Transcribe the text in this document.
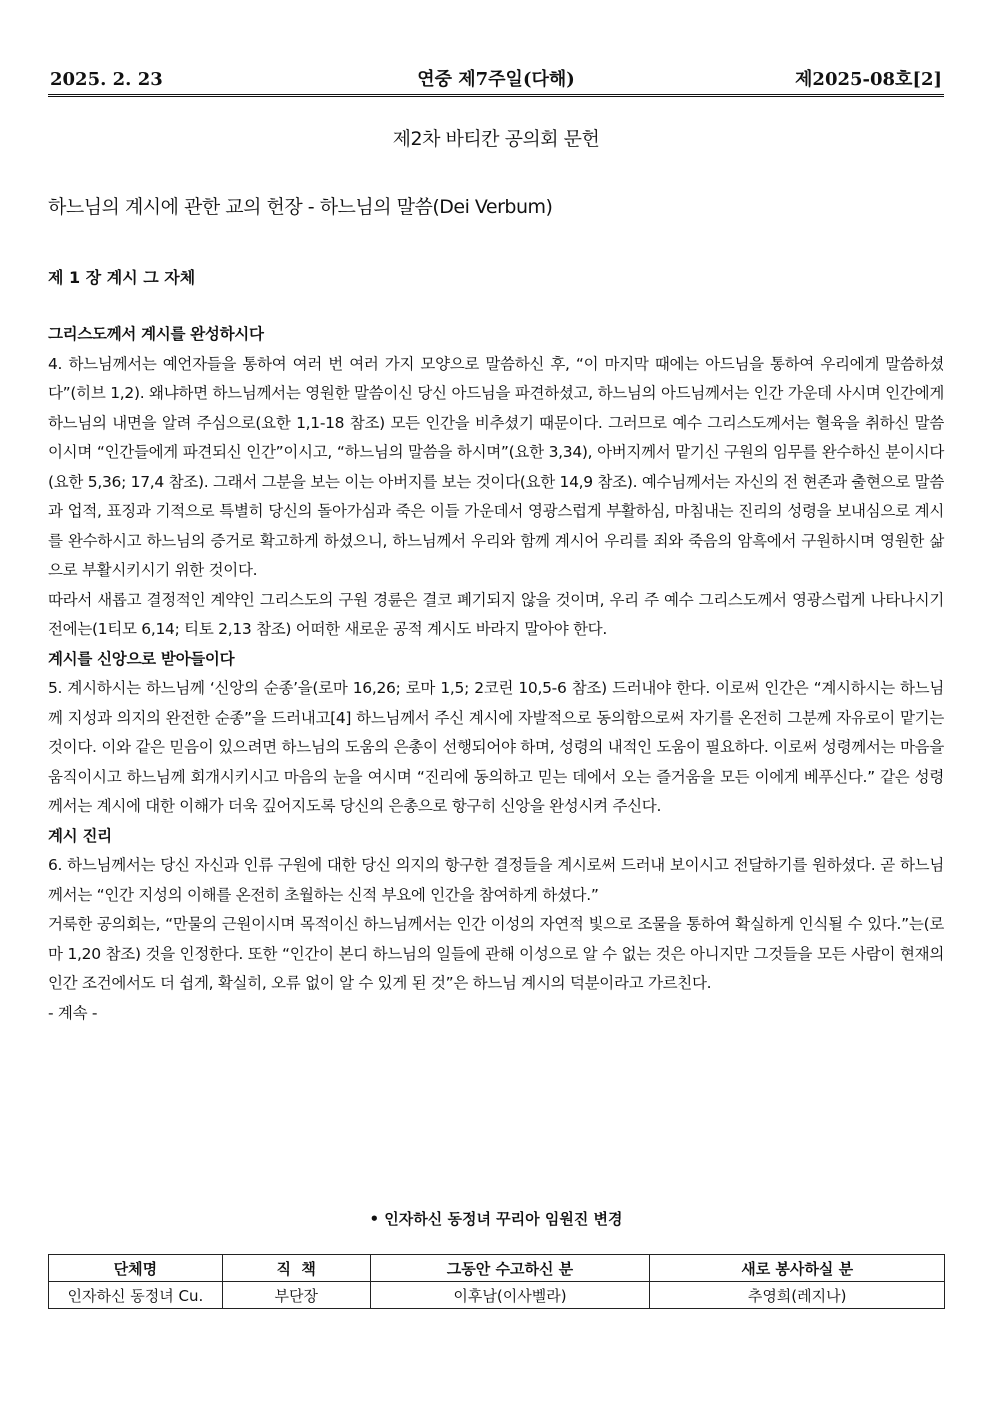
연중 제7주일(다해)
2025. 2. 23	제2025-08호[2]
제2차 바티칸 공의회 문헌
하느님의 계시에 관한 교의 헌장 - 하느님의 말씀(Dei Verbum)
제 1 장 계시 그 자체

그리스도께서 계시를 완성하시다

4. 하느님께서는 예언자들을 통하여 여러 번 여러 가지 모양으로 말씀하신 후, “이 마지막 때에는 아드님을 통하여 우리에게 말씀하셨다”(히브 1,2). 왜냐하면 하느님께서는 영원한 말씀이신 당신 아드님을 파견하셨고, 하느님의 아드님께서는 인간 가운데 사시며 인간에게 하느님의 내면을 알려 주심으로(요한 1,1-18 참조) 모든 인간을 비추셨기 때문이다. 그러므로 예수 그리스도께서는 혈육을 취하신 말씀이시며 “인간들에게 파견되신 인간”이시고, “하느님의 말씀을 하시며”(요한 3,34), 아버지께서 맡기신 구원의 임무를 완수하신 분이시다(요한 5,36; 17,4 참조). 그래서 그분을 보는 이는 아버지를 보는 것이다(요한 14,9 참조). 예수님께서는 자신의 전 현존과 출현으로 말씀과 업적, 표징과 기적으로 특별히 당신의 돌아가심과 죽은 이들 가운데서 영광스럽게 부활하심, 마침내는 진리의 성령을 보내심으로 계시를 완수하시고 하느님의 증거로 확고하게 하셨으니, 하느님께서 우리와 함께 계시어 우리를 죄와 죽음의 암흑에서 구원하시며 영원한 삶으로 부활시키시기 위한 것이다.

따라서 새롭고 결정적인 계약인 그리스도의 구원 경륜은 결코 폐기되지 않을 것이며, 우리 주 예수 그리스도께서 영광스럽게 나타나시기 전에는(1티모 6,14; 티토 2,13 참조) 어떠한 새로운 공적 계시도 바라지 말아야 한다.

계시를 신앙으로 받아들이다

5. 계시하시는 하느님께 ‘신앙의 순종’을(로마 16,26; 로마 1,5; 2코린 10,5-6 참조) 드러내야 한다. 이로써 인간은 “계시하시는 하느님께 지성과 의지의 완전한 순종”을 드러내고[4] 하느님께서 주신 계시에 자발적으로 동의함으로써 자기를 온전히 그분께 자유로이 맡기는 것이다. 이와 같은 믿음이 있으려면 하느님의 도움의 은총이 선행되어야 하며, 성령의 내적인 도움이 필요하다. 이로써 성령께서는 마음을 움직이시고 하느님께 회개시키시고 마음의 눈을 여시며 “진리에 동의하고 믿는 데에서 오는 즐거움을 모든 이에게 베푸신다.” 같은 성령께서는 계시에 대한 이해가 더욱 깊어지도록 당신의 은총으로 항구히 신앙을 완성시켜 주신다.

계시 진리

6. 하느님께서는 당신 자신과 인류 구원에 대한 당신 의지의 항구한 결정들을 계시로써 드러내 보이시고 전달하기를 원하셨다. 곧 하느님께서는 “인간 지성의 이해를 온전히 초월하는 신적 부요에 인간을 참여하게 하셨다.”

거룩한 공의회는, “만물의 근원이시며 목적이신 하느님께서는 인간 이성의 자연적 빛으로 조물을 통하여 확실하게 인식될 수 있다.”는(로마 1,20 참조) 것을 인정한다. 또한 “인간이 본디 하느님의 일들에 관해 이성으로 알 수 없는 것은 아니지만 그것들을 모든 사람이 현재의 인간 조건에서도 더 쉽게, 확실히, 오류 없이 알 수 있게 된 것”은 하느님 계시의 덕분이라고 가르친다.

- 계속 -

• 인자하신 동정녀 꾸리아 임원진 변경
단체명	직  책	그동안 수고하신 분	새로 봉사하실 분
인자하신 동정녀 Cu.	부단장	이후남(이사벨라)	추영희(레지나)
